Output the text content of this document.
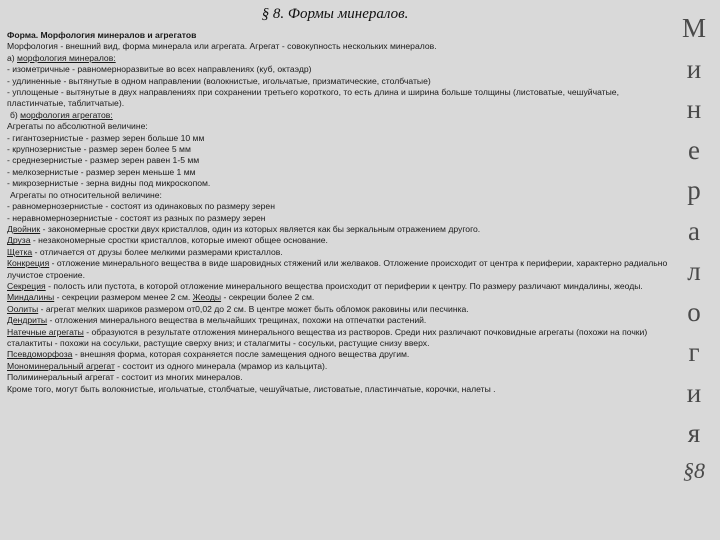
§ 8. Формы минералов.

Форма. Морфология минералов и агрегатов

Морфология - внешний вид, форма минерала или агрегата. Агрегат - совокупность нескольких минералов.

а) морфология минералов:

- изометричные - равномерноразвитые во всех направлениях (куб, октаэдр)

- удлиненные - вытянутые в одном направлении (волокнистые, игольчатые, призматические, столбчатые)

- уплощеные - вытянутые в двух направлениях при сохранении третьего короткого, то есть длина и ширина больше толщины (листоватые, чешуйчатые, пластинчатые, таблитчатые).

б) морфология агрегатов:

Агрегаты по абсолютной величине:

- гигантозернистые - размер зерен больше 10 мм

- крупнозернистые - размер зерен более 5 мм

- среднезернистые - размер зерен равен 1-5 мм

- мелкозернистые - размер зерен меньше 1 мм

- микрозернистые - зерна видны под микроскопом.

Агрегаты по относительной величине:

- равномернозернистые - состоят из одинаковых по размеру зерен

- неравномернозернистые - состоят из разных по размеру зерен

Двойник - закономерные сростки двух кристаллов, один из которых является как бы зеркальным отражением другого.

Друза - незакономерные сростки кристаллов, которые имеют общее основание.

Щетка - отличается от друзы более мелкими размерами кристаллов.

Конкреция - отложение минерального вещества в виде шаровидных стяжений или желваков. Отложение происходит от центра к периферии, характерно радиально лучистое строение.

Секреция - полость или пустота, в которой отложение минерального вещества происходит от периферии к центру. По размеру различают миндалины, жеоды.

Миндалины - секреции размером менее 2 см. Жеоды - секреции более 2 см.

Оолиты - агрегат мелких шариков размером от0,02 до 2 см. В центре может быть обломок раковины или песчинка.

Дендриты - отложения минерального вещества в мельчайших трещинах, похожи на отпечатки растений.

Натечные агрегаты - образуются в результате отложения минерального вещества из растворов. Среди них различают почковидные агрегаты (похожи на почки) сталактиты - похожи на сосульки, растущие сверху вниз; и сталагмиты - сосульки, растущие снизу вверх.

Псевдоморфоза - внешняя форма, которая сохраняется после замещения одного вещества другим.

Мономинеральный агрегат - состоит из одного минерала (мрамор из кальцита).

Полиминеральный агрегат - состоит из многих минералов.

Кроме того, могут быть волокнистые, игольчатые, столбчатые, чешуйчатые, листоватые, пластинчатые, корочки, налеты .

М
и
н
е
р
а
л
о
г
и
я
§8
